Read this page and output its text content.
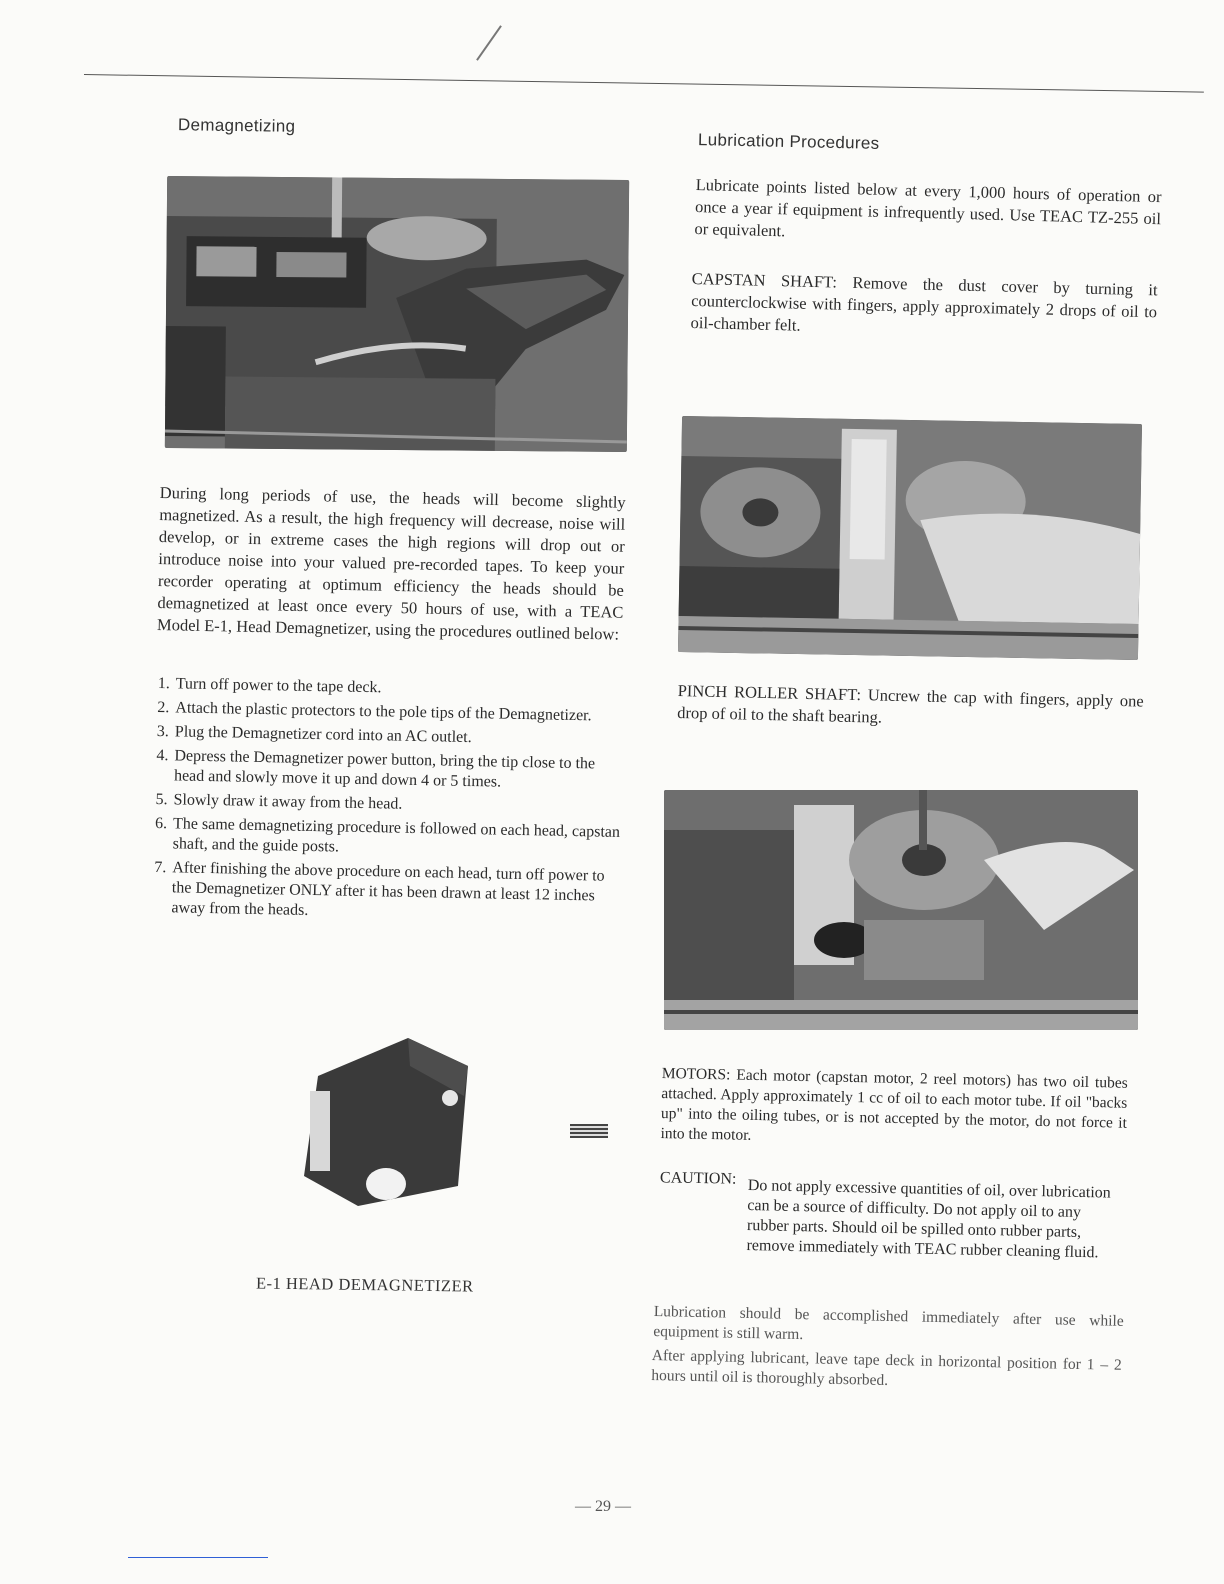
Demagnetizing
During long periods of use, the heads will become slightly magnetized. As a result, the high frequency will decrease, noise will develop, or in extreme cases the high regions will drop out or introduce noise into your valued pre-recorded tapes. To keep your recorder operating at optimum efficiency the heads should be demagnetized at least once every 50 hours of use, with a TEAC Model E-1, Head Demagnetizer, using the procedures outlined below:
1. Turn off power to the tape deck.
2. Attach the plastic protectors to the pole tips of the Demagnetizer.
3. Plug the Demagnetizer cord into an AC outlet.
4. Depress the Demagnetizer power button, bring the tip close to the head and slowly move it up and down 4 or 5 times.
5. Slowly draw it away from the head.
6. The same demagnetizing procedure is followed on each head, capstan shaft, and the guide posts.
7. After finishing the above procedure on each head, turn off power to the Demagnetizer ONLY after it has been drawn at least 12 inches away from the heads.
E-1 HEAD DEMAGNETIZER
Lubrication Procedures
Lubricate points listed below at every 1,000 hours of operation or once a year if equipment is infrequently used. Use TEAC TZ-255 oil or equivalent.
CAPSTAN SHAFT: Remove the dust cover by turning it counterclockwise with fingers, apply approximately 2 drops of oil to oil-chamber felt.
PINCH ROLLER SHAFT: Uncrew the cap with fingers, apply one drop of oil to the shaft bearing.
MOTORS: Each motor (capstan motor, 2 reel motors) has two oil tubes attached. Apply approximately 1 cc of oil to each motor tube. If oil "backs up" into the oiling tubes, or is not accepted by the motor, do not force it into the motor.
CAUTION: Do not apply excessive quantities of oil, over lubrication can be a source of difficulty. Do not apply oil to any rubber parts. Should oil be spilled onto rubber parts, remove immediately with TEAC rubber cleaning fluid.
Lubrication should be accomplished immediately after use while equipment is still warm.
After applying lubricant, leave tape deck in horizontal position for 1 – 2 hours until oil is thoroughly absorbed.
— 29 —
